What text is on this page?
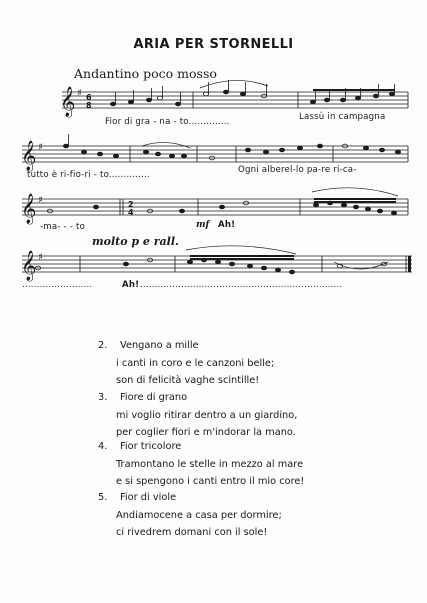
ARIA PER STORNELLI
Andantino poco mosso
𝄞
𝄞
𝄞
𝄞
♯
♯
♯
♯
6
8
2
4
Fior di gra - na - to..............	Lassù in campagna
tutto è ri-fio-ri - to..............	Ogni alberel-lo pa-re ri-ca-
-ma- - - to	mf Ah!
molto p e rall.
........................	Ah! .....................................................................
2.	Vengano a mille
i canti in coro e le canzoni belle;
son di felicità vaghe scintille!
3.	Fiore di grano
mi voglio ritirar dentro a un giardino,
per coglier fiori e m'indorar la mano.
4.	Fior tricolore
Tramontano le stelle in mezzo al mare
e si spengono i canti entro il mio core!
5.	Fior di viole
Andiamocene a casa per dormire;
ci rivedrem domani con il sole!
